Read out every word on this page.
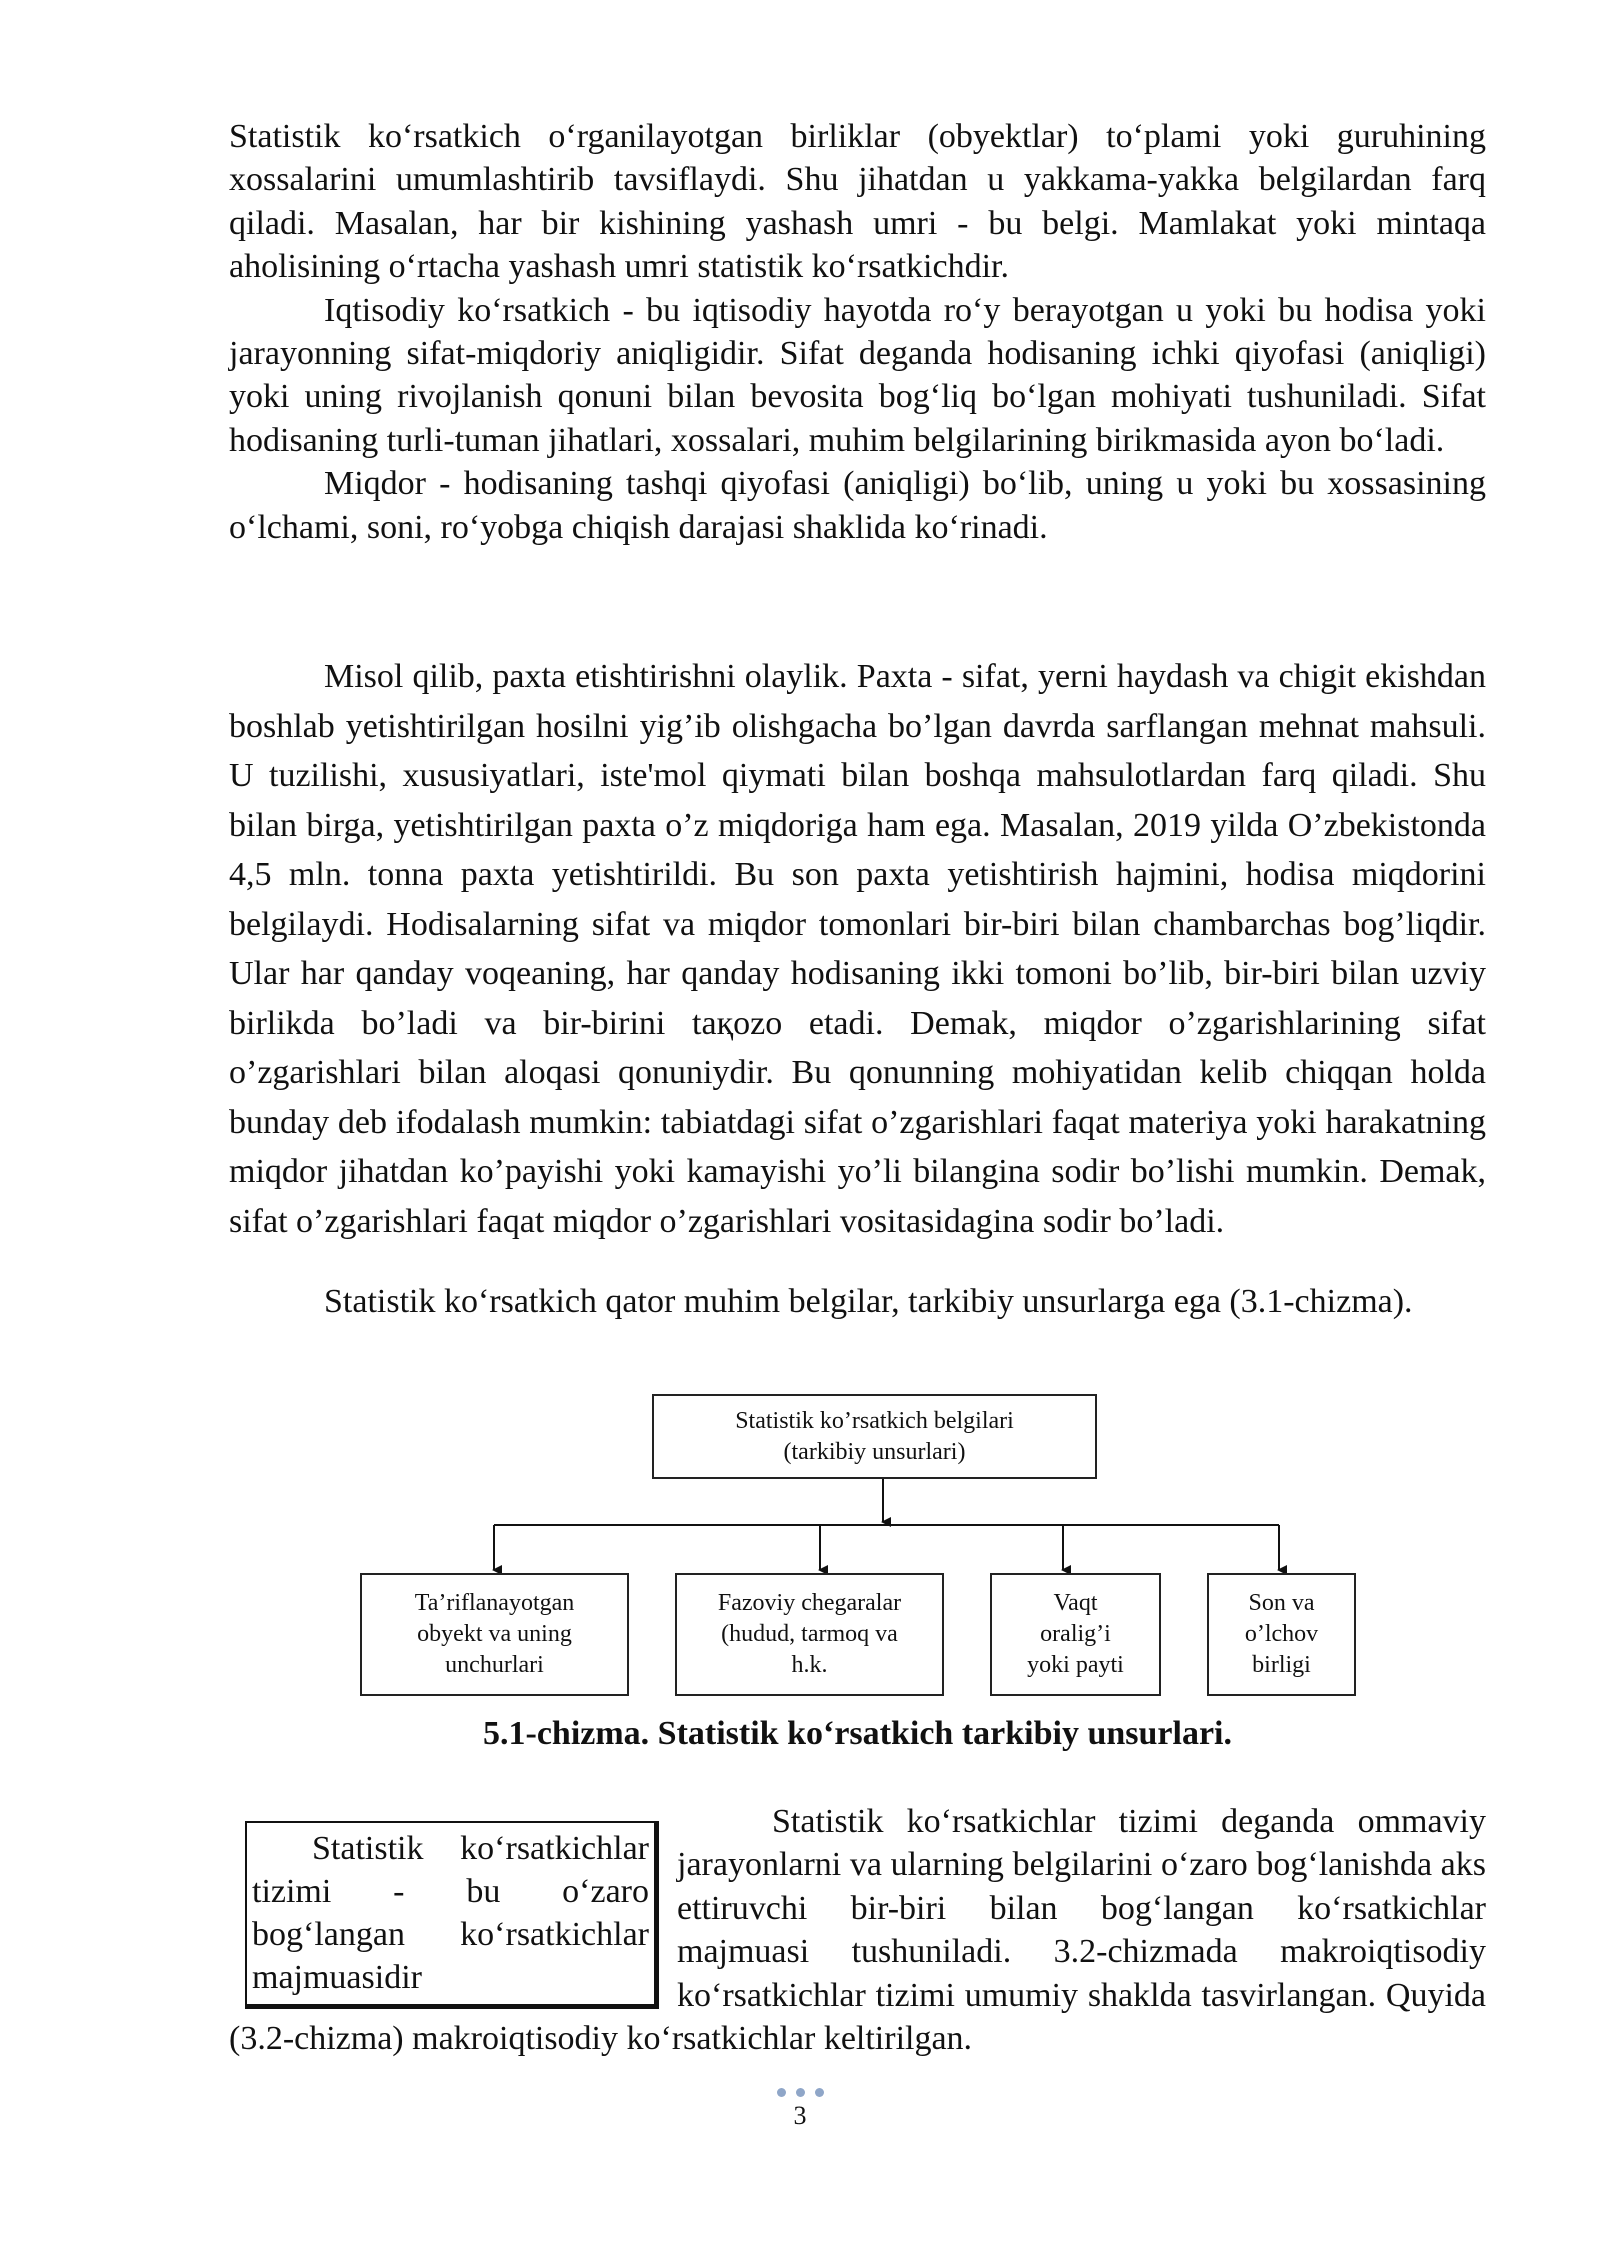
Statistik koʻrsatkich oʻrganilayotgan birliklar (obyektlar) toʻplami yoki guruhining xossalarini umumlashtirib tavsiflaydi. Shu jihatdan u yakkama-yakka belgilardan farq qiladi. Masalan, har bir kishining yashash umri - bu belgi. Mamlakat yoki mintaqa aholisining oʻrtacha yashash umri statistik koʻrsatkichdir.

Iqtisodiy koʻrsatkich - bu iqtisodiy hayotda roʻy berayotgan u yoki bu hodisa yoki jarayonning sifat-miqdoriy aniqligidir. Sifat deganda hodisaning ichki qiyofasi (aniqligi) yoki uning rivojlanish qonuni bilan bevosita bogʻliq boʻlgan mohiyati tushuniladi. Sifat hodisaning turli-tuman jihatlari, xossalari, muhim belgilarining birikmasida ayon boʻladi.

Miqdor - hodisaning tashqi qiyofasi (aniqligi) boʻlib, uning u yoki bu xossasining oʻlchami, soni, roʻyobga chiqish darajasi shaklida koʻrinadi.

Misol qilib, paxta etishtirishni olaylik. Paxta - sifat, yerni haydash va chigit ekishdan boshlab yetishtirilgan hosilni yig’ib olishgacha bo’lgan davrda sarflangan mehnat mahsuli. U tuzilishi, xususiyatlari, iste'mol qiymati bilan boshqa mahsulotlardan farq qiladi. Shu bilan birga, yetishtirilgan paxta o’z miqdoriga ham ega. Masalan, 2019 yilda O’zbekistonda 4,5 mln. tonna paxta yetishtirildi. Bu son paxta yetishtirish hajmini, hodisa miqdorini belgilaydi. Hodisalarning sifat va miqdor tomonlari bir-biri bilan chambarchas bog’liqdir. Ular har qanday voqeaning, har qanday hodisaning ikki tomoni bo’lib, bir-biri bilan uzviy birlikda bo’ladi va bir-birini taқozo etadi. Demak, miqdor o’zgarishlarining sifat o’zgarishlari bilan aloqasi qonuniydir. Bu qonunning mohiyatidan kelib chiqqan holda bunday deb ifodalash mumkin: tabiatdagi sifat o’zgarishlari faqat materiya yoki harakatning miqdor jihatdan ko’payishi yoki kamayishi yo’li bilangina sodir bo’lishi mumkin. Demak, sifat o’zgarishlari faqat miqdor o’zgarishlari vositasidagina sodir bo’ladi.

Statistik koʻrsatkich qator muhim belgilar, tarkibiy unsurlarga ega (3.1-chizma).

Statistik ko’rsatkich belgilari
(tarkibiy unsurlari)
Ta’riflanayotgan
obyekt va uning
unchurlari
Fazoviy chegaralar
(hudud, tarmoq va
h.k.
Vaqt
oralig’i
yoki payti
Son va
o’lchov
birligi

5.1-chizma. Statistik koʻrsatkich tarkibiy unsurlari.

Statistik koʻrsatkichlar tizimi deganda ommaviy jarayonlarni va ularning belgilarini oʻzaro bogʻlanishda aks ettiruvchi bir-biri bilan bogʻlangan koʻrsatkichlar majmuasi tushuniladi. 3.2-chizmada makroiqtisodiy koʻrsatkichlar tizimi umumiy shaklda tasvirlangan. Quyida (3.2-chizma) makroiqtisodiy koʻrsatkichlar keltirilgan.

Statistik koʻrsatkichlar tizimi - bu oʻzaro bogʻlangan koʻrsatkichlar majmuasidir
3
